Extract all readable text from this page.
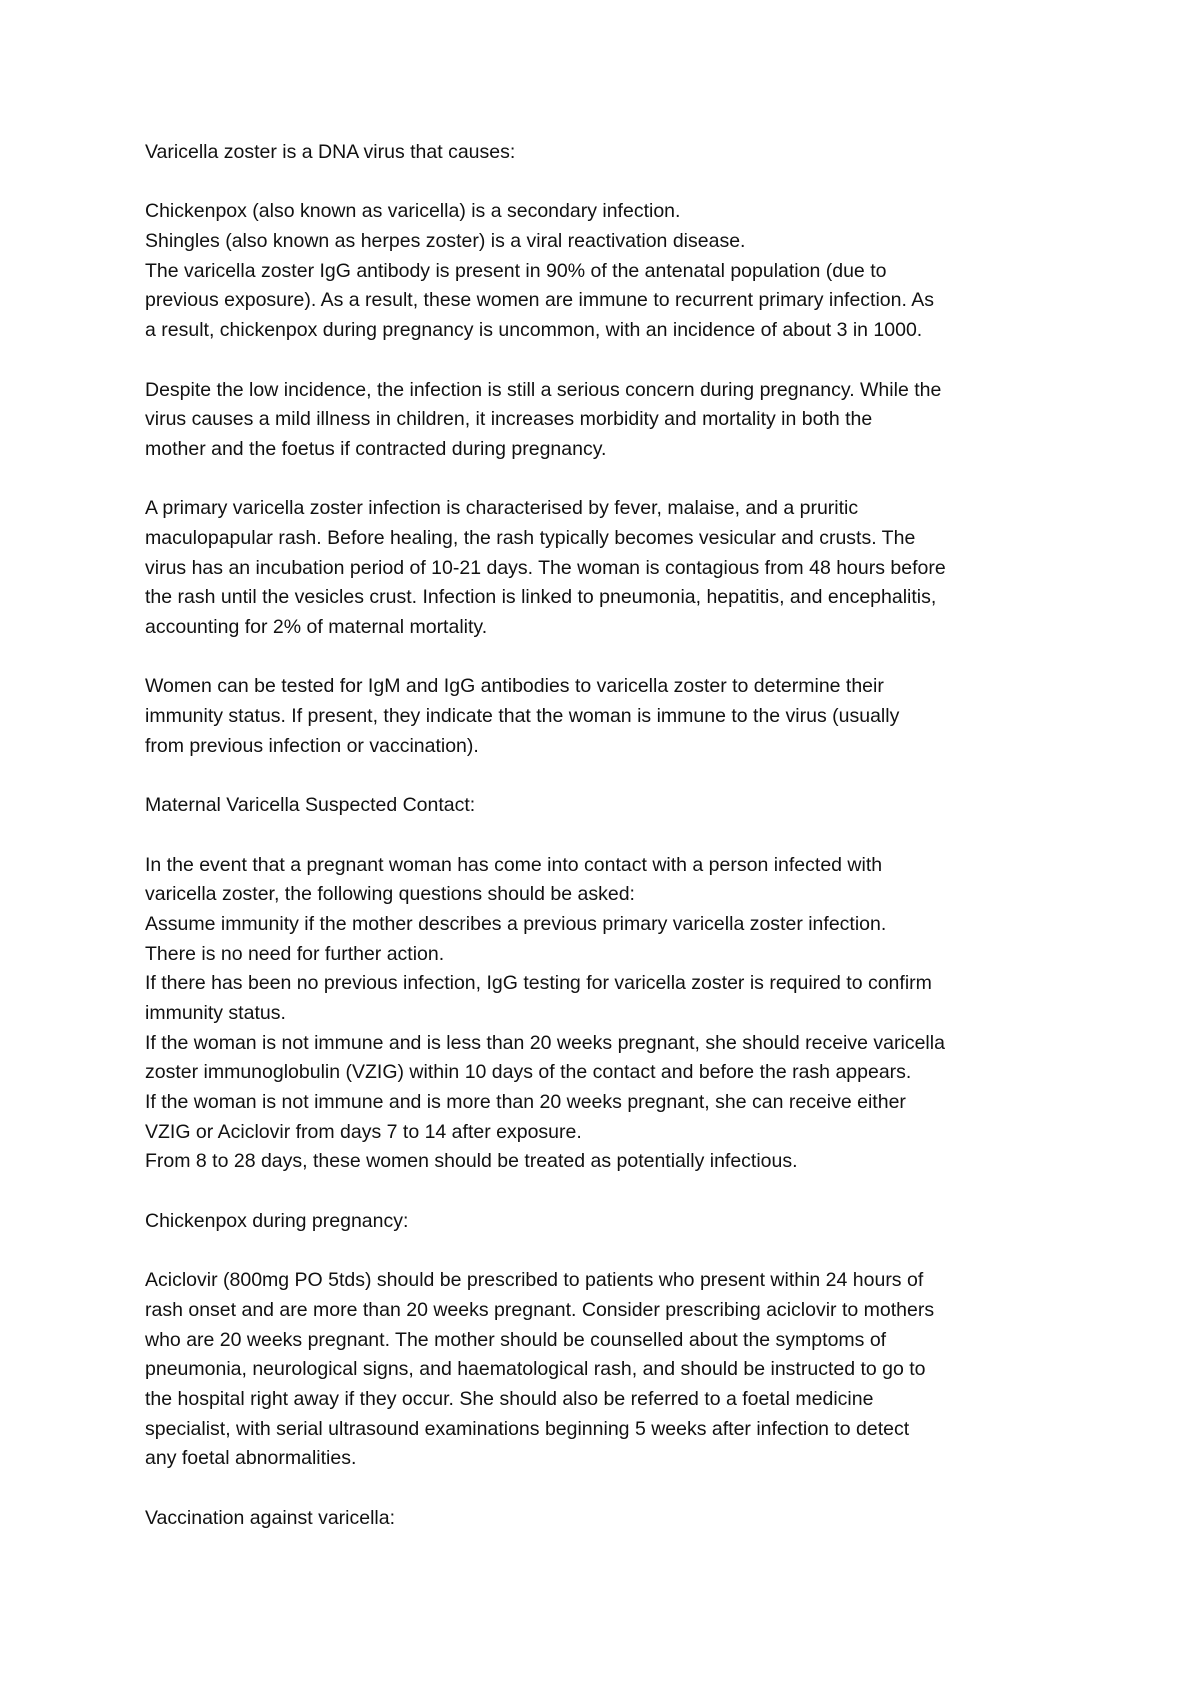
Varicella zoster is a DNA virus that causes:
Chickenpox (also known as varicella) is a secondary infection.
Shingles (also known as herpes zoster) is a viral reactivation disease.
The varicella zoster IgG antibody is present in 90% of the antenatal population (due to
previous exposure). As a result, these women are immune to recurrent primary infection. As
a result, chickenpox during pregnancy is uncommon, with an incidence of about 3 in 1000.
Despite the low incidence, the infection is still a serious concern during pregnancy. While the
virus causes a mild illness in children, it increases morbidity and mortality in both the
mother and the foetus if contracted during pregnancy.
A primary varicella zoster infection is characterised by fever, malaise, and a pruritic
maculopapular rash. Before healing, the rash typically becomes vesicular and crusts. The
virus has an incubation period of 10-21 days. The woman is contagious from 48 hours before
the rash until the vesicles crust. Infection is linked to pneumonia, hepatitis, and encephalitis,
accounting for 2% of maternal mortality.
Women can be tested for IgM and IgG antibodies to varicella zoster to determine their
immunity status. If present, they indicate that the woman is immune to the virus (usually
from previous infection or vaccination).
Maternal Varicella Suspected Contact:
In the event that a pregnant woman has come into contact with a person infected with
varicella zoster, the following questions should be asked:
Assume immunity if the mother describes a previous primary varicella zoster infection.
There is no need for further action.
If there has been no previous infection, IgG testing for varicella zoster is required to confirm
immunity status.
If the woman is not immune and is less than 20 weeks pregnant, she should receive varicella
zoster immunoglobulin (VZIG) within 10 days of the contact and before the rash appears.
If the woman is not immune and is more than 20 weeks pregnant, she can receive either
VZIG or Aciclovir from days 7 to 14 after exposure.
From 8 to 28 days, these women should be treated as potentially infectious.
Chickenpox during pregnancy:
Aciclovir (800mg PO 5tds) should be prescribed to patients who present within 24 hours of
rash onset and are more than 20 weeks pregnant. Consider prescribing aciclovir to mothers
who are 20 weeks pregnant. The mother should be counselled about the symptoms of
pneumonia, neurological signs, and haematological rash, and should be instructed to go to
the hospital right away if they occur. She should also be referred to a foetal medicine
specialist, with serial ultrasound examinations beginning 5 weeks after infection to detect
any foetal abnormalities.
Vaccination against varicella:
